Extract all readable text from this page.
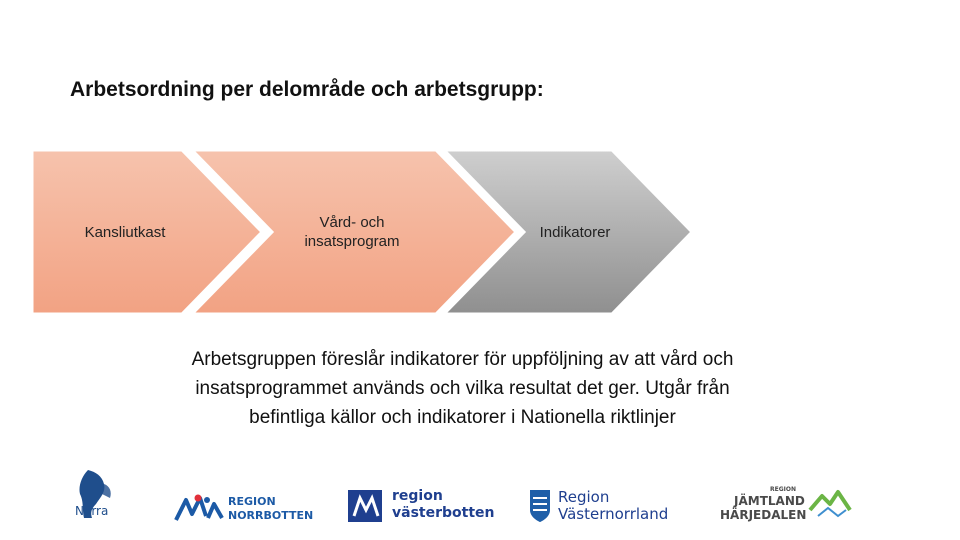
Arbetsordning per delområde och arbetsgrupp:
Kansliutkast
Vård- och insatsprogram
Indikatorer
Arbetsgruppen föreslår indikatorer för uppföljning av att vård och insatsprogrammet används och vilka resultat det ger. Utgår från befintliga källor och indikatorer i Nationella riktlinjer
Norra
REGION
NORRBOTTEN
region
västerbotten
Region
Västernorrland
REGION
JÄMTLAND
HÄRJEDALEN
